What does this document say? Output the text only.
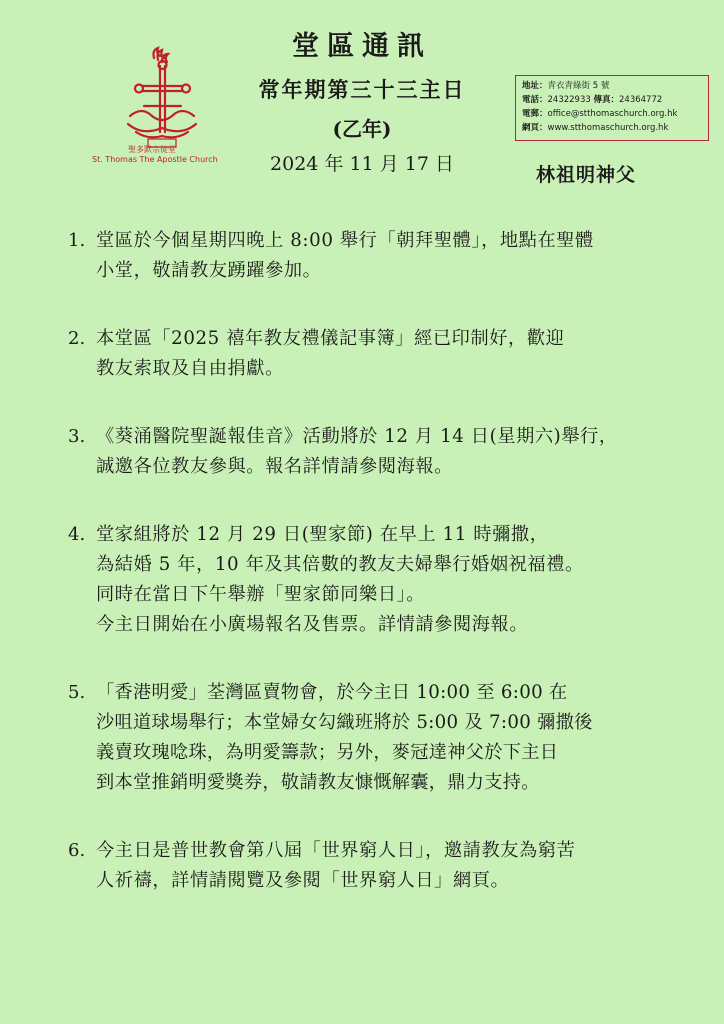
聖多默宗徒堂
St. Thomas The Apostle Church
堂區通訊
常年期第三十三主日
(乙年)
2024 年 11 月 17 日
地址：青衣青綠街 5 號
電話：24322933 傳真：24364772
電郵：office@stthomaschurch.org.hk
網頁：www.stthomaschurch.org.hk
林祖明神父
1. 堂區於今個星期四晚上 8:00 舉行「朝拜聖體」，地點在聖體
小堂，敬請教友踴躍參加。
2. 本堂區「2025 禧年教友禮儀記事簿」經已印制好，歡迎
教友索取及自由捐獻。
3. 《葵涌醫院聖誕報佳音》活動將於 12 月 14 日(星期六)舉行，
誠邀各位教友參與。報名詳情請參閱海報。
4. 堂家組將於 12 月 29 日(聖家節) 在早上 11 時彌撒，
為結婚 5 年，10 年及其倍數的教友夫婦舉行婚姻祝福禮。
同時在當日下午舉辦「聖家節同樂日」。
今主日開始在小廣場報名及售票。詳情請參閱海報。
5. 「香港明愛」荃灣區賣物會，於今主日 10:00 至 6:00 在
沙咀道球場舉行；本堂婦女勾織班將於 5:00 及 7:00 彌撒後
義賣玫瑰唸珠，為明愛籌款；另外，麥冠達神父於下主日
到本堂推銷明愛獎券，敬請教友慷慨解囊，鼎力支持。
6. 今主日是普世教會第八屆「世界窮人日」，邀請教友為窮苦
人祈禱，詳情請閱覽及參閱「世界窮人日」網頁。
